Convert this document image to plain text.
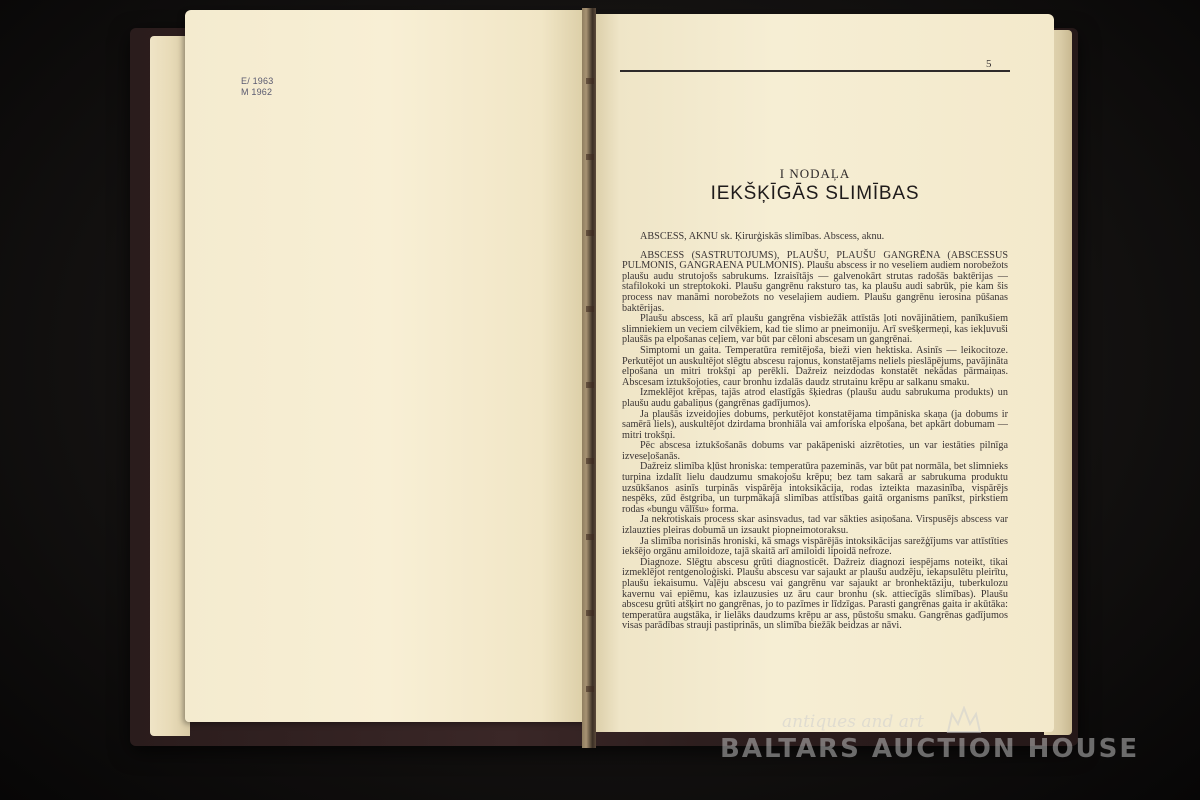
E/ 1963
M 1962
5
I NODAĻA
IEKŠĶĪGĀS SLIMĪBAS

ABSCESS, AKNU sk. Ķirurģiskās slimības. Abscess, aknu.

ABSCESS (SASTRUTOJUMS), PLAUŠU, PLAUŠU GANGRĒNA (ABSCESSUS PULMONIS, GANGRAENA PULMONIS). Plaušu abscess ir no veseliem audiem norobežots plaušu audu strutojošs sabrukums. Izraisītājs — galvenokārt strutas radošās baktērijas — stafilokoki un streptokoki. Plaušu gangrēnu raksturo tas, ka plaušu audi sabrūk, pie kam šis process nav manāmi norobežots no veselajiem audiem. Plaušu gangrēnu ierosina pūšanas baktērijas.

Plaušu abscess, kā arī plaušu gangrēna visbiežāk attīstās ļoti novājinātiem, panīkušiem slimniekiem un veciem cilvēkiem, kad tie slimo ar pneimoniju. Arī svešķermeņi, kas iekļuvuši plaušās pa elpošanas ceļiem, var būt par cēloni abscesam un gangrēnai.

Simptomi un gaita. Temperatūra remitējoša, bieži vien hektiska. Asinīs — leikocitoze. Perkutējot un auskultējot slēgtu abscesu rajonus, konstatējams neliels pieslāpējums, pavājināta elpošana un mitri trokšņi ap perēkli. Dažreiz neizdodas konstatēt nekādas pārmaiņas. Abscesam iztukšojoties, caur bronhu izdalās daudz strutainu krēpu ar salkanu smaku.

Izmeklējot krēpas, tajās atrod elastīgās šķiedras (plaušu audu sabrukuma produkts) un plaušu audu gabaliņus (gangrēnas gadījumos).

Ja plaušās izveidojies dobums, perkutējot konstatējama timpāniska skaņa (ja dobums ir samērā liels), auskultējot dzirdama bronhiāla vai amforiska elpošana, bet apkārt dobumam — mitri trokšņi.

Pēc abscesa iztukšošanās dobums var pakāpeniski aizrētoties, un var iestāties pilnīga izveseļošanās.

Dažreiz slimība kļūst hroniska: temperatūra pazeminās, var būt pat normāla, bet slimnieks turpina izdalīt lielu daudzumu smakojošu krēpu; bez tam sakarā ar sabrukuma produktu uzsūkšanos asinīs turpinās vispārēja intoksikācija, rodas izteikta mazasinība, vispārējs nespēks, zūd ēstgriba, un turpmākajā slimības attīstības gaitā organisms panīkst, pirkstiem rodas «bungu vālīšu» forma.

Ja nekrotiskais process skar asinsvadus, tad var sākties asiņošana. Virspusējs abscess var izlauzties pleiras dobumā un izsaukt piopneimotoraksu.

Ja slimība norisinās hroniski, kā smags vispārējās intoksikācijas sarežģījums var attīstīties iekšējo orgānu amiloidoze, tajā skaitā arī amiloidi lipoidā nefroze.

Diagnoze. Slēgtu abscesu grūti diagnosticēt. Dažreiz diagnozi iespējams noteikt, tikai izmeklējot rentgenoloģiski. Plaušu abscesu var sajaukt ar plaušu audzēju, iekapsulētu pleirītu, plaušu iekaisumu. Vaļēju abscesu vai gangrēnu var sajaukt ar bronhektāziju, tuberkulozu kavernu vai epiēmu, kas izlauzusies uz āru caur bronhu (sk. attiecīgās slimības). Plaušu abscesu grūti atšķirt no gangrēnas, jo to pazīmes ir līdzīgas. Parasti gangrēnas gaita ir akūtāka: temperatūra augstāka, ir lielāks daudzums krēpu ar ass, pūstošu smaku. Gangrēnas gadījumos visas parādības strauji pastiprinās, un slimība biežāk beidzas ar nāvi.

antiques and art
BALTARS AUCTION HOUSE
